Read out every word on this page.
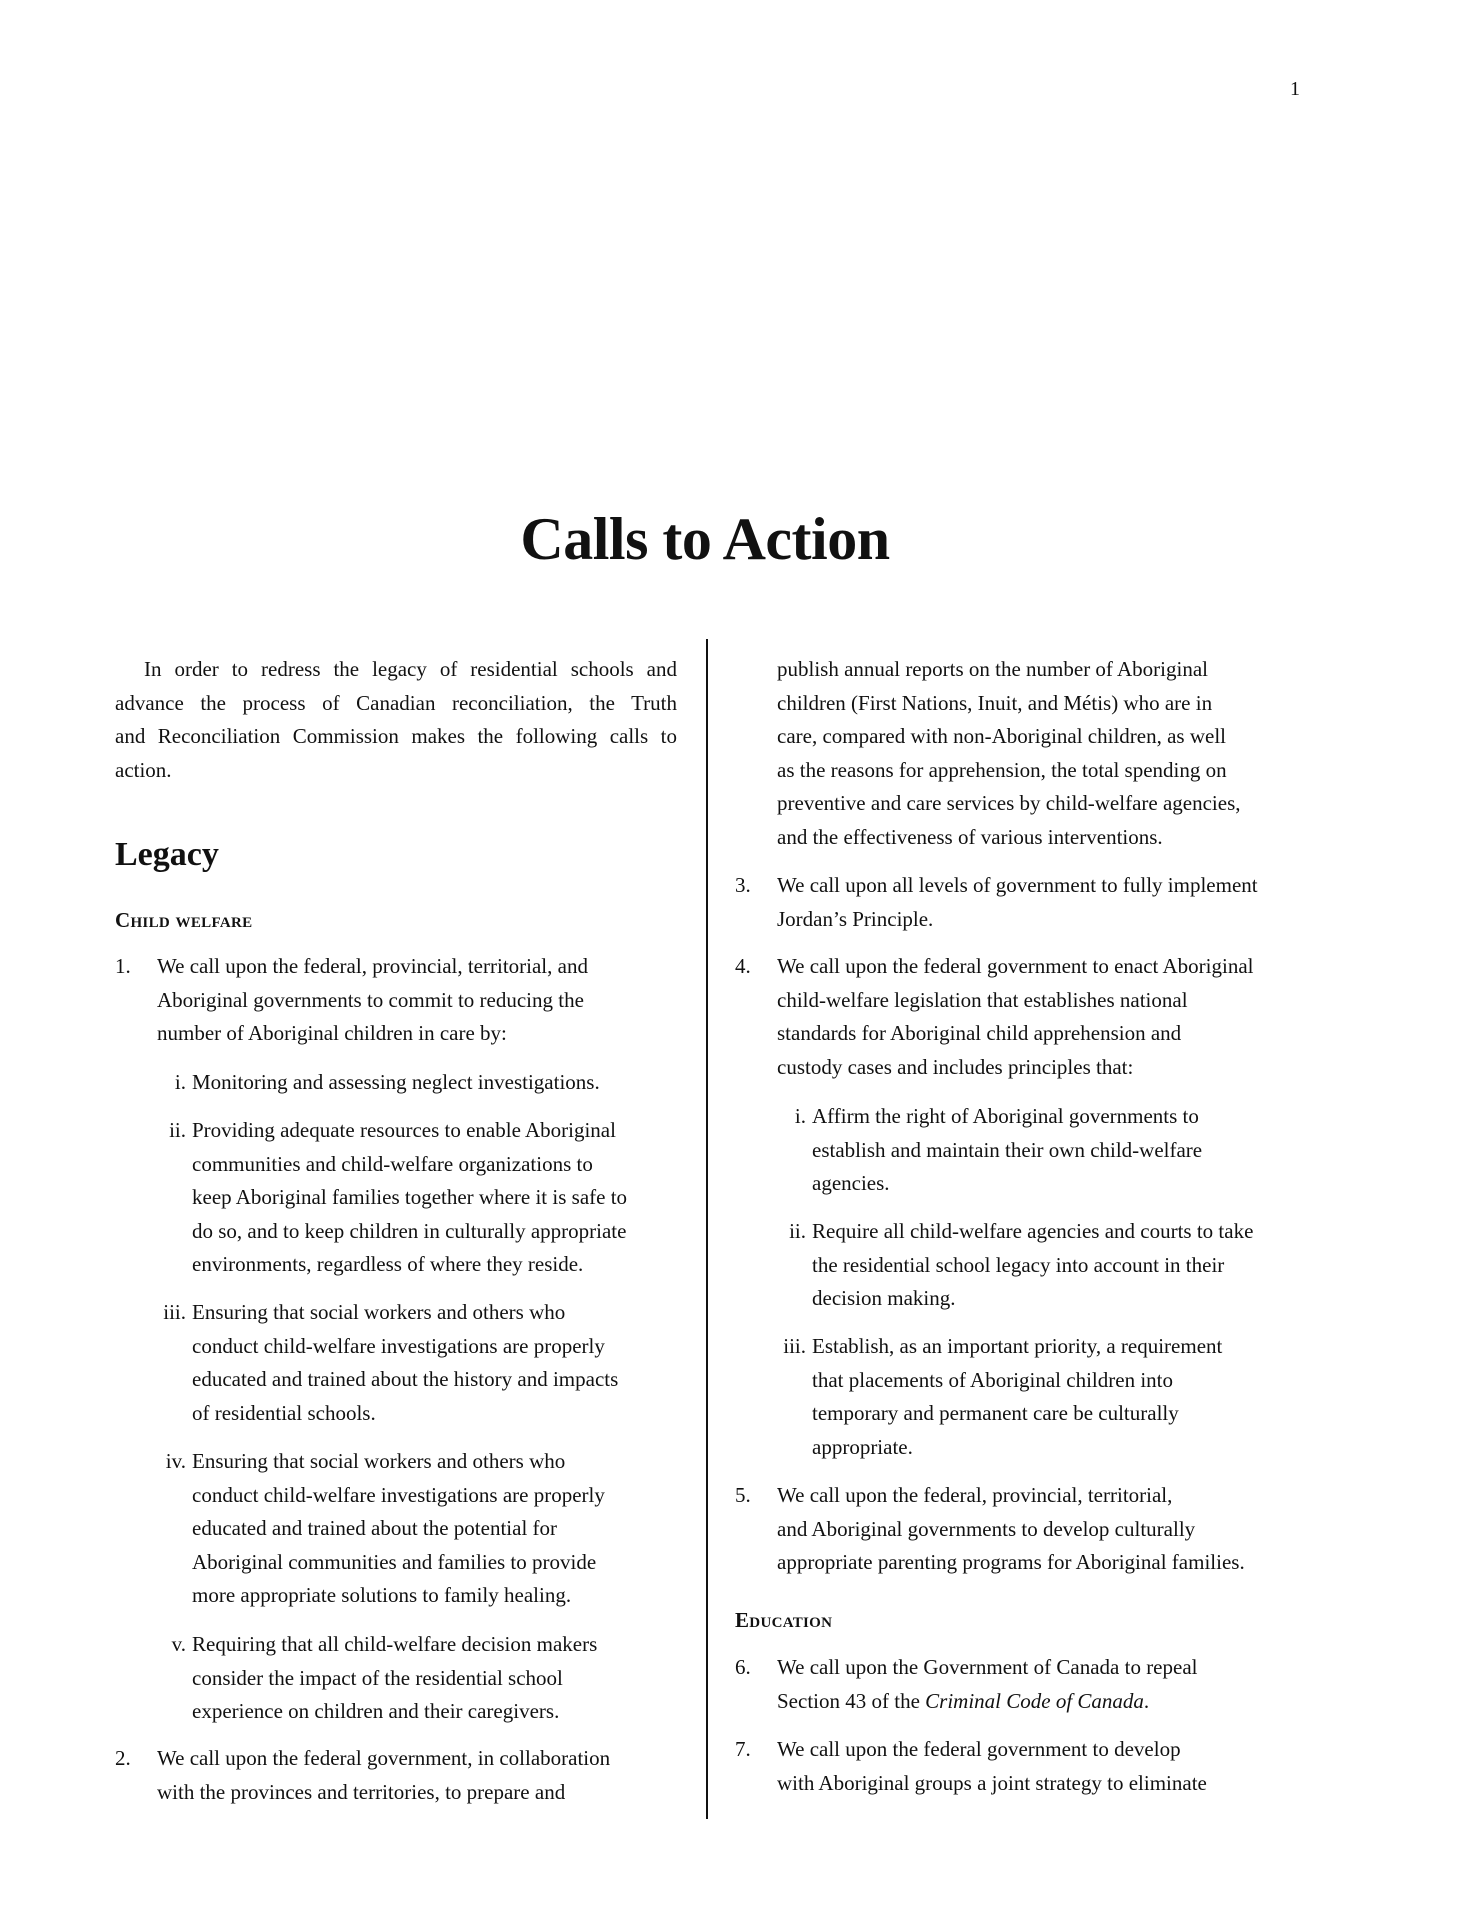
1
Calls to Action
In order to redress the legacy of residential schools and
advance the process of Canadian reconciliation, the Truth
and Reconciliation Commission makes the following calls to
action.
Legacy
Child welfare
1. We call upon the federal, provincial, territorial, and
Aboriginal governments to commit to reducing the
number of Aboriginal children in care by:
i. Monitoring and assessing neglect investigations.
ii. Providing adequate resources to enable Aboriginal
communities and child-welfare organizations to
keep Aboriginal families together where it is safe to
do so, and to keep children in culturally appropriate
environments, regardless of where they reside.
iii. Ensuring that social workers and others who
conduct child-welfare investigations are properly
educated and trained about the history and impacts
of residential schools.
iv. Ensuring that social workers and others who
conduct child-welfare investigations are properly
educated and trained about the potential for
Aboriginal communities and families to provide
more appropriate solutions to family healing.
v. Requiring that all child-welfare decision makers
consider the impact of the residential school
experience on children and their caregivers.
2. We call upon the federal government, in collaboration
with the provinces and territories, to prepare and
publish annual reports on the number of Aboriginal
children (First Nations, Inuit, and Métis) who are in
care, compared with non-Aboriginal children, as well
as the reasons for apprehension, the total spending on
preventive and care services by child-welfare agencies,
and the effectiveness of various interventions.
3. We call upon all levels of government to fully implement
Jordan’s Principle.
4. We call upon the federal government to enact Aboriginal
child-welfare legislation that establishes national
standards for Aboriginal child apprehension and
custody cases and includes principles that:
i. Affirm the right of Aboriginal governments to
establish and maintain their own child-welfare
agencies.
ii. Require all child-welfare agencies and courts to take
the residential school legacy into account in their
decision making.
iii. Establish, as an important priority, a requirement
that placements of Aboriginal children into
temporary and permanent care be culturally
appropriate.
5. We call upon the federal, provincial, territorial,
and Aboriginal governments to develop culturally
appropriate parenting programs for Aboriginal families.
Education
6. We call upon the Government of Canada to repeal
Section 43 of the Criminal Code of Canada.
7. We call upon the federal government to develop
with Aboriginal groups a joint strategy to eliminate
